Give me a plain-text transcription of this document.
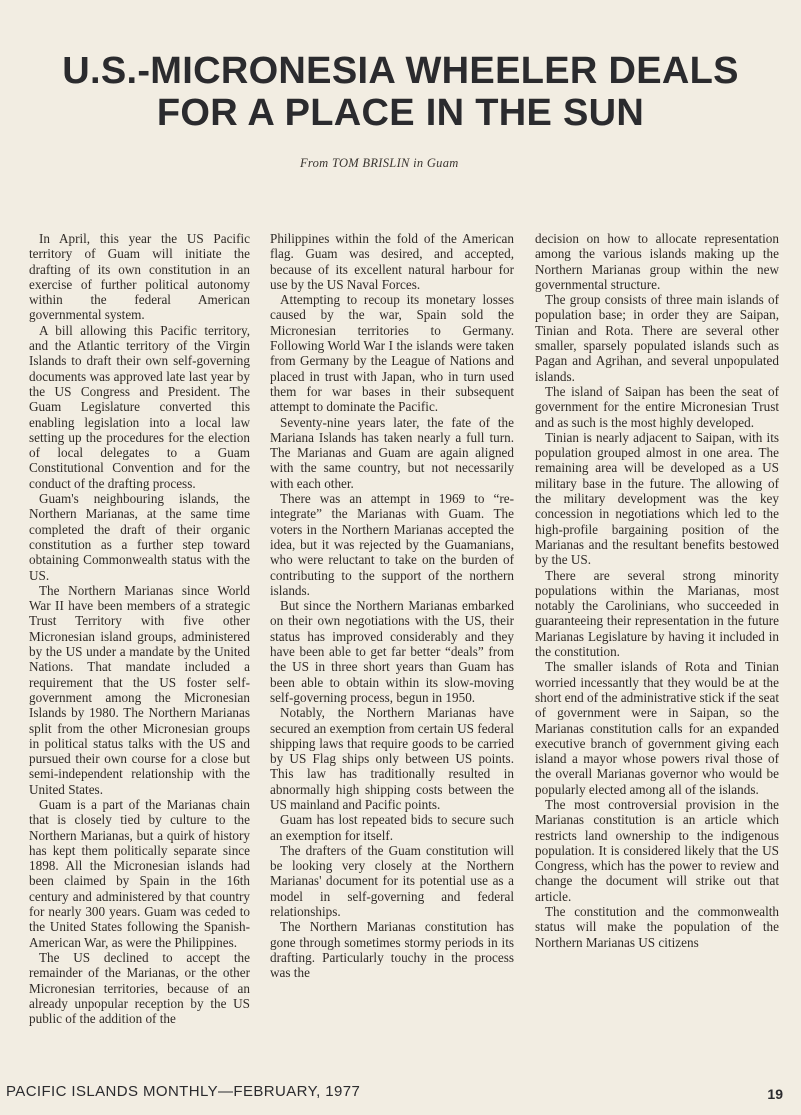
U.S.-MICRONESIA WHEELER DEALS
FOR A PLACE IN THE SUN
From TOM BRISLIN in Guam

In April, this year the US Pacific territory of Guam will initiate the drafting of its own constitution in an exercise of further political autonomy within the federal American governmental system.

A bill allowing this Pacific territory, and the Atlantic territory of the Virgin Islands to draft their own self-governing documents was approved late last year by the US Congress and President. The Guam Legislature converted this enabling legislation into a local law setting up the procedures for the election of local delegates to a Guam Constitutional Convention and for the conduct of the drafting process.

Guam's neighbouring islands, the Northern Marianas, at the same time completed the draft of their organic constitution as a further step toward obtaining Commonwealth status with the US.

The Northern Marianas since World War II have been members of a strategic Trust Territory with five other Micronesian island groups, administered by the US under a mandate by the United Nations. That mandate included a requirement that the US foster self-government among the Micronesian Islands by 1980. The Northern Marianas split from the other Micronesian groups in political status talks with the US and pursued their own course for a close but semi-independent relationship with the United States.

Guam is a part of the Marianas chain that is closely tied by culture to the Northern Marianas, but a quirk of history has kept them politically separate since 1898. All the Micronesian islands had been claimed by Spain in the 16th century and administered by that country for nearly 300 years. Guam was ceded to the United States following the Spanish-American War, as were the Philippines.

The US declined to accept the remainder of the Marianas, or the other Micronesian territories, because of an already unpopular reception by the US public of the addition of the

Philippines within the fold of the American flag. Guam was desired, and accepted, because of its excellent natural harbour for use by the US Naval Forces.

Attempting to recoup its monetary losses caused by the war, Spain sold the Micronesian territories to Germany. Following World War I the islands were taken from Germany by the League of Nations and placed in trust with Japan, who in turn used them for war bases in their subsequent attempt to dominate the Pacific.

Seventy-nine years later, the fate of the Mariana Islands has taken nearly a full turn. The Marianas and Guam are again aligned with the same country, but not necessarily with each other.

There was an attempt in 1969 to “re-integrate” the Marianas with Guam. The voters in the Northern Marianas accepted the idea, but it was rejected by the Guamanians, who were reluctant to take on the burden of contributing to the support of the northern islands.

But since the Northern Marianas embarked on their own negotiations with the US, their status has improved considerably and they have been able to get far better “deals” from the US in three short years than Guam has been able to obtain within its slow-moving self-governing process, begun in 1950.

Notably, the Northern Marianas have secured an exemption from certain US federal shipping laws that require goods to be carried by US Flag ships only between US points. This law has traditionally resulted in abnormally high shipping costs between the US mainland and Pacific points.

Guam has lost repeated bids to secure such an exemption for itself.

The drafters of the Guam constitution will be looking very closely at the Northern Marianas' document for its potential use as a model in self-governing and federal relationships.

The Northern Marianas constitution has gone through sometimes stormy periods in its drafting. Particularly touchy in the process was the

decision on how to allocate representation among the various islands making up the Northern Marianas group within the new governmental structure.

The group consists of three main islands of population base; in order they are Saipan, Tinian and Rota. There are several other smaller, sparsely populated islands such as Pagan and Agrihan, and several unpopulated islands.

The island of Saipan has been the seat of government for the entire Micronesian Trust and as such is the most highly developed.

Tinian is nearly adjacent to Saipan, with its population grouped almost in one area. The remaining area will be developed as a US military base in the future. The allowing of the military development was the key concession in negotiations which led to the high-profile bargaining position of the Marianas and the resultant benefits bestowed by the US.

There are several strong minority populations within the Marianas, most notably the Carolinians, who succeeded in guaranteeing their representation in the future Marianas Legislature by having it included in the constitution.

The smaller islands of Rota and Tinian worried incessantly that they would be at the short end of the administrative stick if the seat of government were in Saipan, so the Marianas constitution calls for an expanded executive branch of government giving each island a mayor whose powers rival those of the overall Marianas governor who would be popularly elected among all of the islands.

The most controversial provision in the Marianas constitution is an article which restricts land ownership to the indigenous population. It is considered likely that the US Congress, which has the power to review and change the document will strike out that article.

The constitution and the commonwealth status will make the population of the Northern Marianas US citizens

PACIFIC ISLANDS MONTHLY—FEBRUARY, 1977	19
